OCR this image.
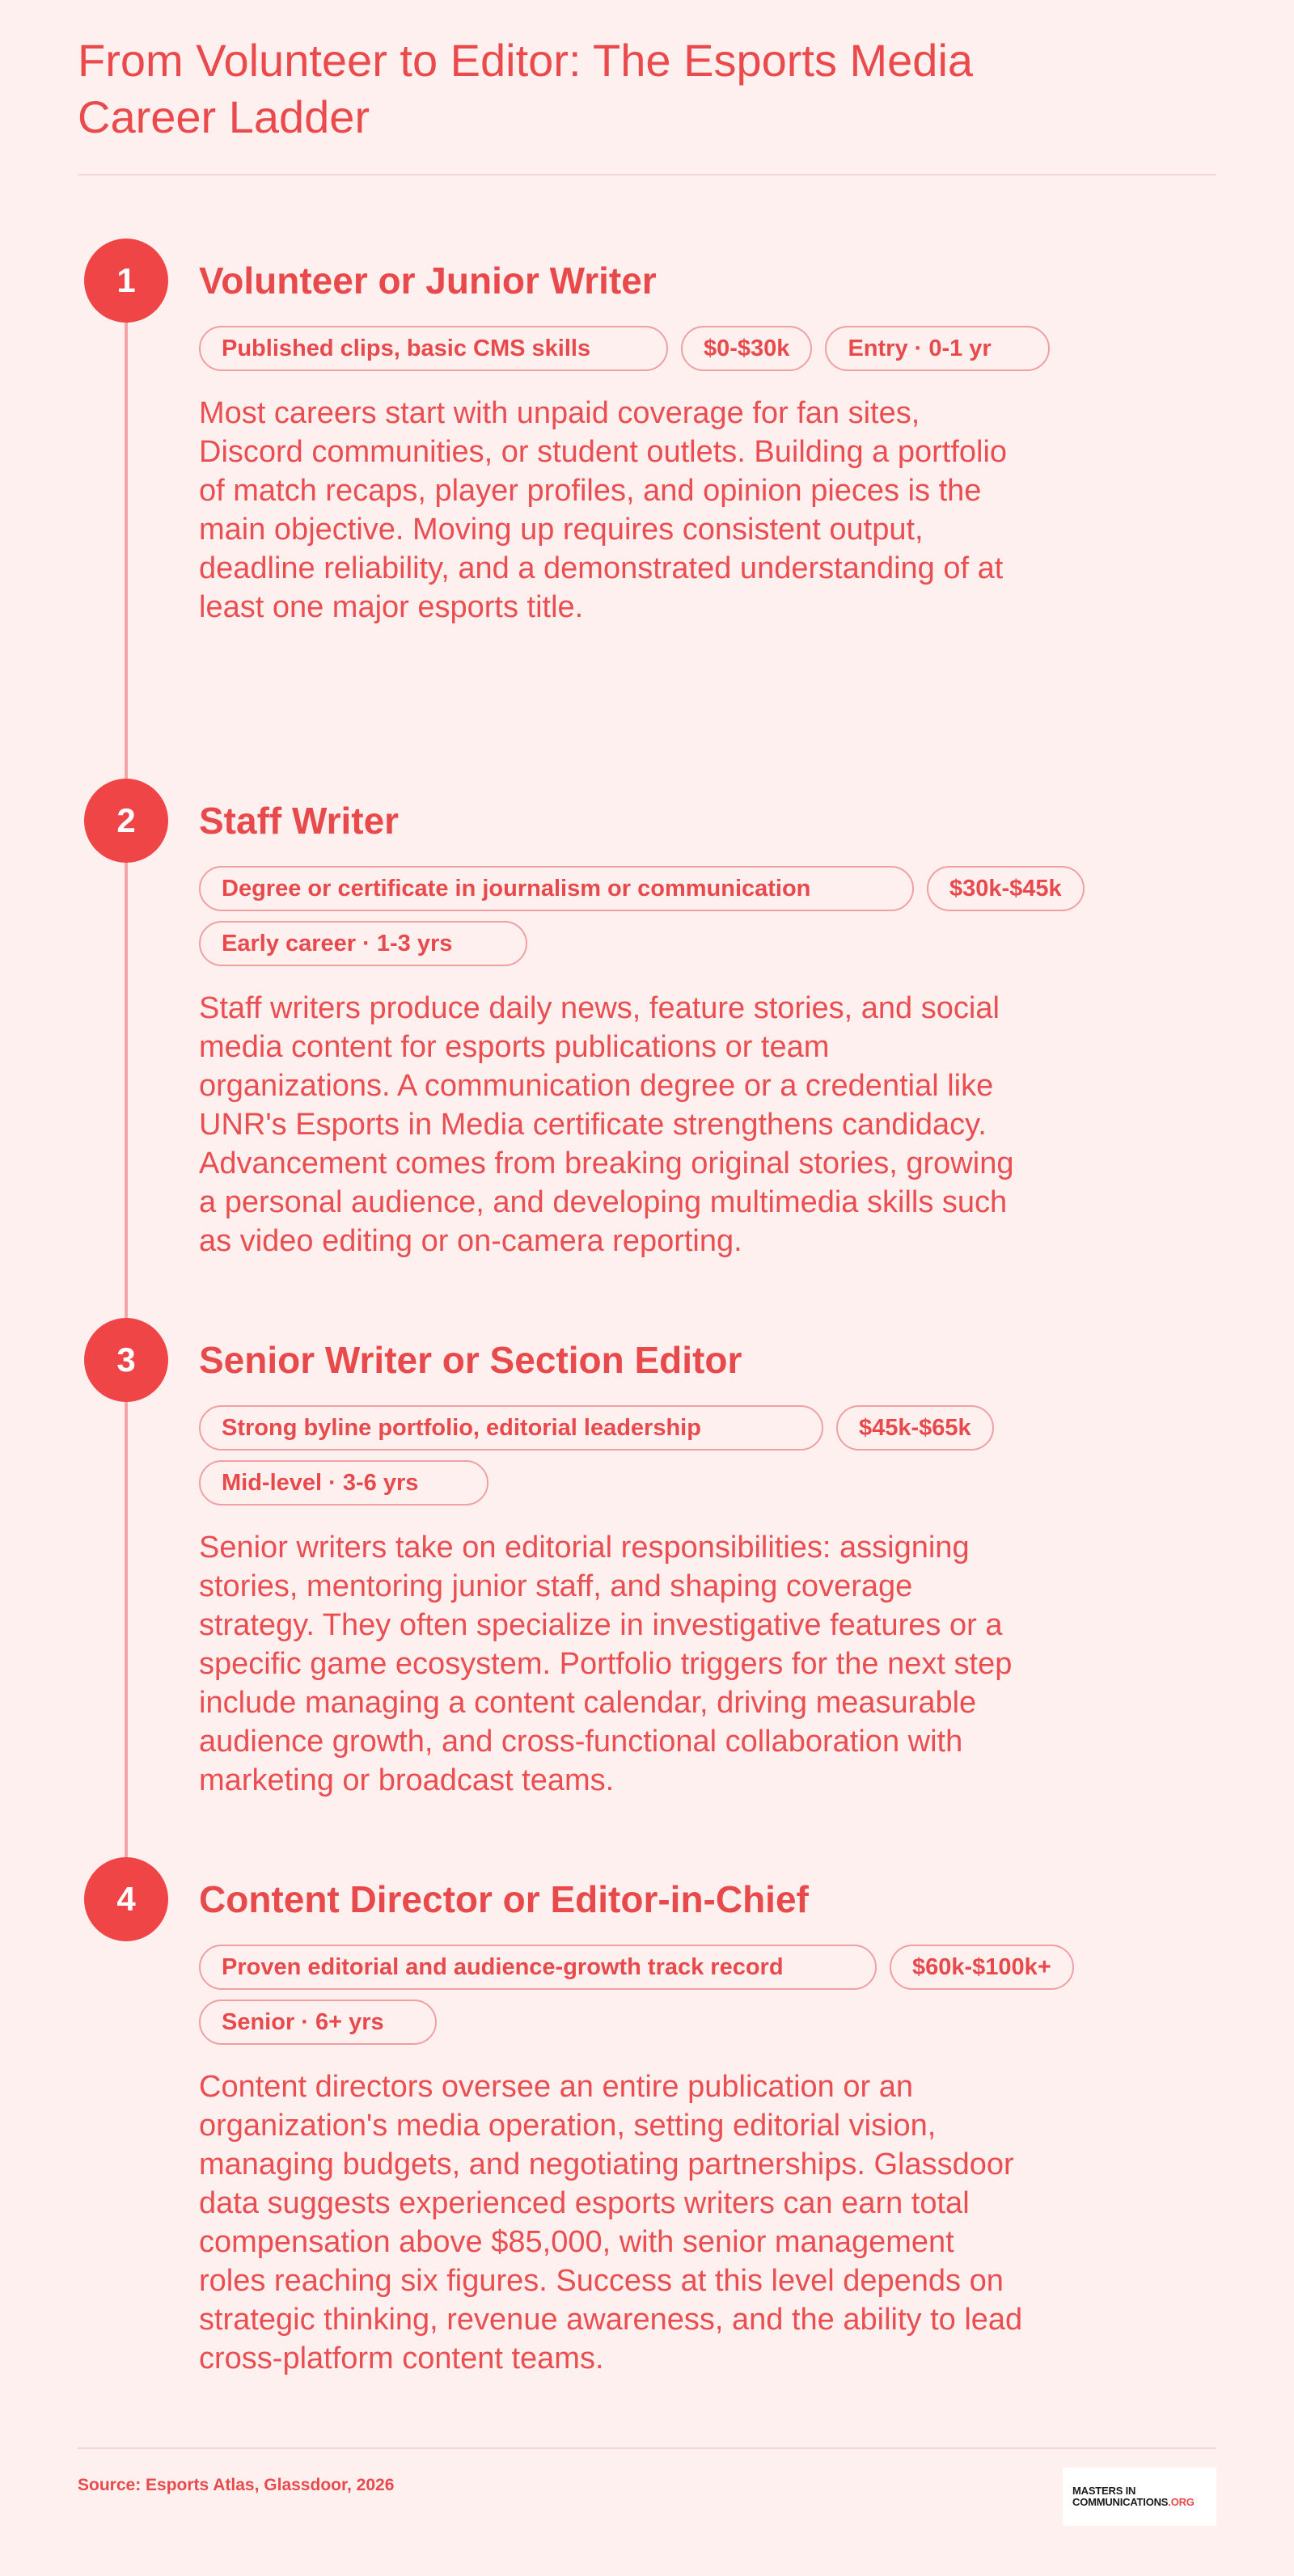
From Volunteer to Editor: The Esports Media Career Ladder
1	Volunteer or Junior Writer
Published clips, basic CMS skills	$0-$30k	Entry · 0-1 yr

Most careers start with unpaid coverage for fan sites, Discord communities, or student outlets. Building a portfolio of match recaps, player profiles, and opinion pieces is the main objective. Moving up requires consistent output, deadline reliability, and a demonstrated understanding of at least one major esports title.

2	Staff Writer
Degree or certificate in journalism or communication	$30k-$45k
Early career · 1-3 yrs

Staff writers produce daily news, feature stories, and social media content for esports publications or team organizations. A communication degree or a credential like UNR's Esports in Media certificate strengthens candidacy. Advancement comes from breaking original stories, growing a personal audience, and developing multimedia skills such as video editing or on-camera reporting.

3	Senior Writer or Section Editor
Strong byline portfolio, editorial leadership	$45k-$65k
Mid-level · 3-6 yrs

Senior writers take on editorial responsibilities: assigning stories, mentoring junior staff, and shaping coverage strategy. They often specialize in investigative features or a specific game ecosystem. Portfolio triggers for the next step include managing a content calendar, driving measurable audience growth, and cross-functional collaboration with marketing or broadcast teams.

4	Content Director or Editor-in-Chief
Proven editorial and audience-growth track record	$60k-$100k+
Senior · 6+ yrs

Content directors oversee an entire publication or an organization's media operation, setting editorial vision, managing budgets, and negotiating partnerships. Glassdoor data suggests experienced esports writers can earn total compensation above $85,000, with senior management roles reaching six figures. Success at this level depends on strategic thinking, revenue awareness, and the ability to lead cross-platform content teams.

Source: Esports Atlas, Glassdoor, 2026	MASTERS IN
COMMUNICATIONS.ORG
